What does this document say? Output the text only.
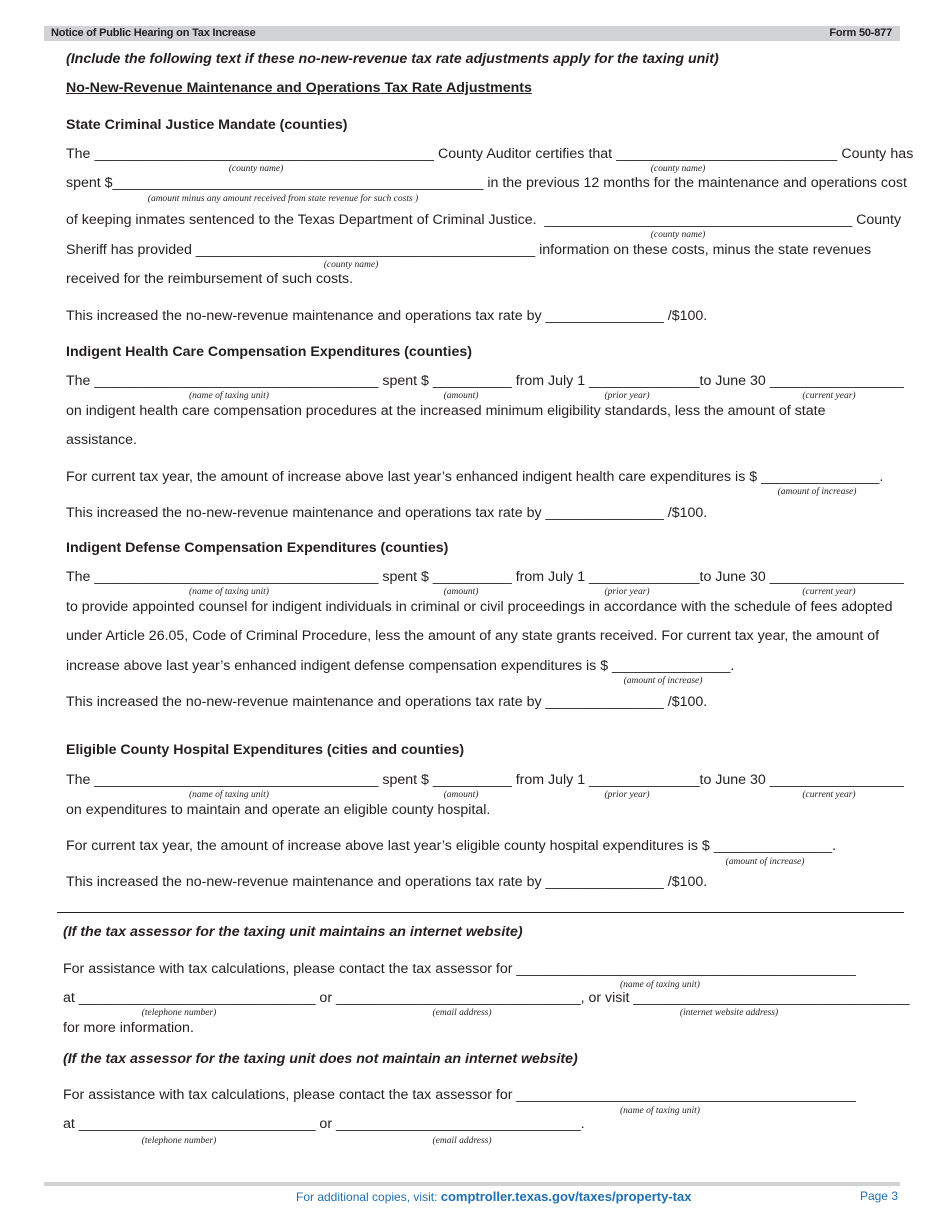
Notice of Public Hearing on Tax Increase	Form 50-877
(Include the following text if these no-new-revenue tax rate adjustments apply for the taxing unit)
No-New-Revenue Maintenance and Operations Tax Rate Adjustments
State Criminal Justice Mandate (counties)
The ___________________________________________ County Auditor certifies that ____________________________ County has
(county name)	(county name)
spent $_______________________________________________ in the previous 12 months for the maintenance and operations cost
(amount minus any amount received from state revenue for such costs )
of keeping inmates sentenced to the Texas Department of Criminal Justice.  _______________________________________ County
(county name)
Sheriff has provided ___________________________________________ information on these costs, minus the state revenues
(county name)
received for the reimbursement of such costs.
This increased the no-new-revenue maintenance and operations tax rate by _______________ /$100.
Indigent Health Care Compensation Expenditures (counties)
The ____________________________________ spent $ __________ from July 1 ______________to June 30 _________________
(name of taxing unit)	(amount)	(prior year)	(current year)
on indigent health care compensation procedures at the increased minimum eligibility standards, less the amount of state
assistance.
For current tax year, the amount of increase above last year’s enhanced indigent health care expenditures is $ _______________.
(amount of increase)
This increased the no-new-revenue maintenance and operations tax rate by _______________ /$100.
Indigent Defense Compensation Expenditures (counties)
The ____________________________________ spent $ __________ from July 1 ______________to June 30 _________________
(name of taxing unit)	(amount)	(prior year)	(current year)
to provide appointed counsel for indigent individuals in criminal or civil proceedings in accordance with the schedule of fees adopted
under Article 26.05, Code of Criminal Procedure, less the amount of any state grants received. For current tax year, the amount of
increase above last year’s enhanced indigent defense compensation expenditures is $ _______________.
(amount of increase)
This increased the no-new-revenue maintenance and operations tax rate by _______________ /$100.
Eligible County Hospital Expenditures (cities and counties)
The ____________________________________ spent $ __________ from July 1 ______________to June 30 _________________
(name of taxing unit)	(amount)	(prior year)	(current year)
on expenditures to maintain and operate an eligible county hospital.
For current tax year, the amount of increase above last year’s eligible county hospital expenditures is $ _______________.
(amount of increase)
This increased the no-new-revenue maintenance and operations tax rate by _______________ /$100.
(If the tax assessor for the taxing unit maintains an internet website)
For assistance with tax calculations, please contact the tax assessor for ___________________________________________
(name of taxing unit)
at ______________________________ or _______________________________, or visit ___________________________________
(telephone number)	(email address)	(internet website address)
for more information.
(If the tax assessor for the taxing unit does not maintain an internet website)
For assistance with tax calculations, please contact the tax assessor for ___________________________________________
(name of taxing unit)
at ______________________________ or _______________________________.
(telephone number)	(email address)
For additional copies, visit: comptroller.texas.gov/taxes/property-tax	Page 3
